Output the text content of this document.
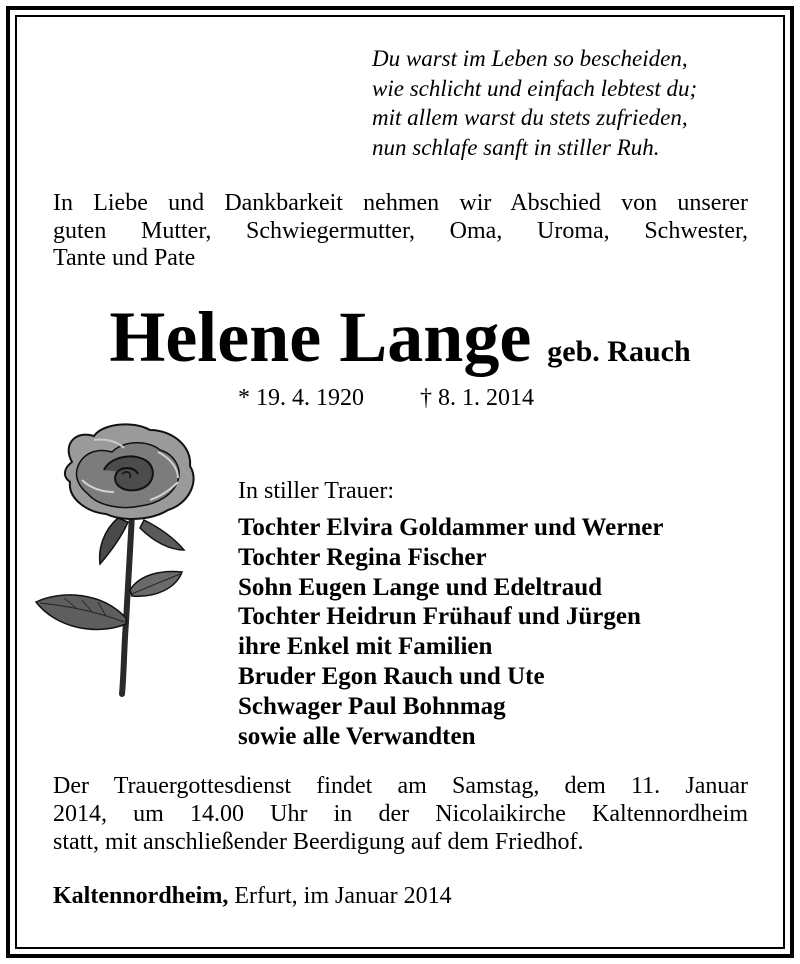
Du warst im Leben so bescheiden,
wie schlicht und einfach lebtest du;
mit allem warst du stets zufrieden,
nun schlafe sanft in stiller Ruh.
In Liebe und Dankbarkeit nehmen wir Abschied von unserer
guten Mutter, Schwiegermutter, Oma, Uroma, Schwester,
Tante und Pate
Helene Lange geb. Rauch
* 19. 4. 1920 † 8. 1. 2014
In stiller Trauer:
Tochter Elvira Goldammer und Werner
Tochter Regina Fischer
Sohn Eugen Lange und Edeltraud
Tochter Heidrun Frühauf und Jürgen
ihre Enkel mit Familien
Bruder Egon Rauch und Ute
Schwager Paul Bohnmag
sowie alle Verwandten
Der Trauergottesdienst findet am Samstag, dem 11. Januar
2014, um 14.00 Uhr in der Nicolaikirche Kaltennordheim
statt, mit anschließender Beerdigung auf dem Friedhof.
Kaltennordheim, Erfurt, im Januar 2014
